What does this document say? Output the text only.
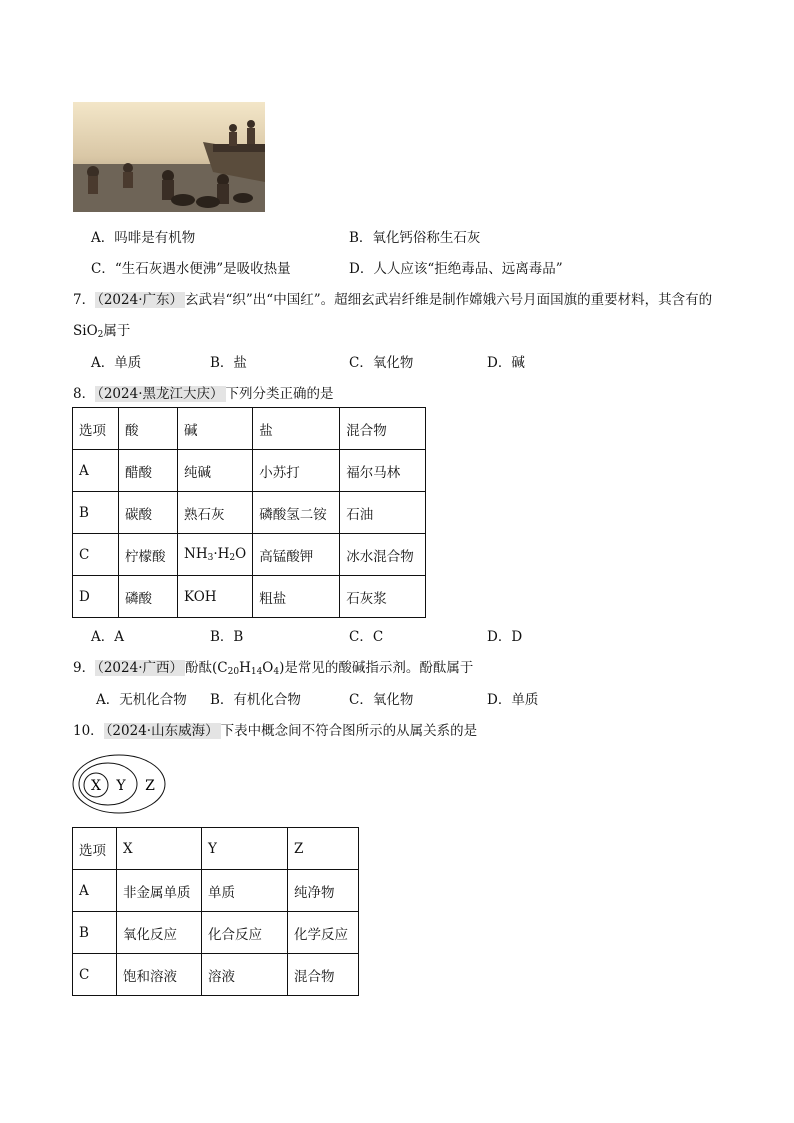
A．吗啡是有机物	B．氧化钙俗称生石灰
C．“生石灰遇水便沸”是吸收热量	D．人人应该“拒绝毒品、远离毒品”
7． （2024·广东） 玄武岩“织”出“中国红”。超细玄武岩纤维是制作嫦娥六号月面国旗的重要材料，其含有的
SiO$_2$属于
A．单质	B．盐	C．氧化物	D．碱
8． （2024·黑龙江大庆） 下列分类正确的是
选项	酸	碱	盐	混合物
A	醋酸	纯碱	小苏打	福尔马林
B	碳酸	熟石灰	磷酸氢二铵	石油
C	柠檬酸	$NH_3\cdot H_2O$	高锰酸钾	冰水混合物
D	磷酸	KOH	粗盐	石灰浆
A．A	B．B	C．C	D．D
9． （2024·广西） 酚酞$(C_{20}H_{14}O_4)$是常见的酸碱指示剂。酚酞属于
A．无机化合物 B．有机化合物	C．氧化物	D．单质
10． （2024·山东威海） 下表中概念间不符合图所示的从属关系的是
X Y Z
选项	X	Y	Z
A	非金属单质	单质	纯净物
B	氧化反应	化合反应	化学反应
C	饱和溶液	溶液	混合物
